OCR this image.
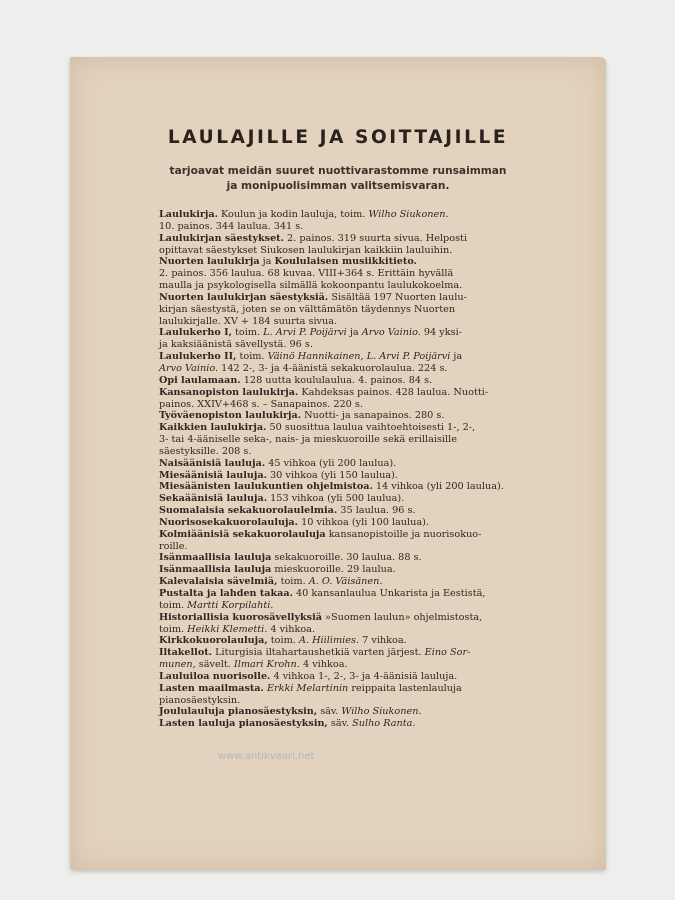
LAULAJILLE JA SOITTAJILLE
tarjoavat meidän suuret nuottivarastomme runsaimman
ja monipuolisimman valitsemisvaran.
Laulukirja. Koulun ja kodin lauluja, toim. Wilho Siukonen.
10. painos. 344 laulua. 341 s.
Laulukirjan säestykset. 2. painos. 319 suurta sivua. Helposti
opittavat säestykset Siukosen laulukirjan kaikkiin lauluihin.
Nuorten laulukirja ja Koululaisen musiikkitieto.
2. painos. 356 laulua. 68 kuvaa. VIII+364 s. Erittäin hyvällä
maulla ja psykologisella silmällä kokoonpantu laulukokoelma.
Nuorten laulukirjan säestyksiä. Sisältää 197 Nuorten laulu-
kirjan säestystä, joten se on välttämätön täydennys Nuorten
laulukirjalle. XV + 184 suurta sivua.
Laulukerho I, toim. L. Arvi P. Poijärvi ja Arvo Vainio. 94 yksi-
ja kaksiäänistä sävellystä. 96 s.
Laulukerho II, toim. Väinö Hannikainen, L. Arvi P. Poijärvi ja
Arvo Vainio. 142 2-, 3- ja 4-äänistä sekakuorolaulua. 224 s.
Opi laulamaan. 128 uutta koululaulua. 4. painos. 84 s.
Kansanopiston laulukirja. Kahdeksas painos. 428 laulua. Nuotti-
painos. XXIV+468 s. – Sanapainos. 220 s.
Työväenopiston laulukirja. Nuotti- ja sanapainos. 280 s.
Kaikkien laulukirja. 50 suosittua laulua vaihtoehtoisesti 1-, 2-,
3- tai 4-ääniselle seka-, nais- ja mieskuoroille sekä erillaisille
säestyksille. 208 s.
Naisäänisiä lauluja. 45 vihkoa (yli 200 laulua).
Miesäänisiä lauluja. 30 vihkoa (yli 150 laulua).
Miesäänisten laulukuntien ohjelmistoa. 14 vihkoa (yli 200 laulua).
Sekaäänisiä lauluja. 153 vihkoa (yli 500 laulua).
Suomalaisia sekakuorolaulelmia. 35 laulua. 96 s.
Nuorisosekakuorolauluja. 10 vihkoa (yli 100 laulua).
Kolmiäänisiä sekakuorolauluja kansanopistoille ja nuorisokuo-
roille.
Isänmaallisia lauluja sekakuoroille. 30 laulua. 88 s.
Isänmaallisia lauluja mieskuoroille. 29 laulua.
Kalevalaisia sävelmiä, toim. A. O. Väisänen.
Pustalta ja lahden takaa. 40 kansanlaulua Unkarista ja Eestistä,
toim. Martti Korpilahti.
Historiallisia kuorosävellyksiä »Suomen laulun» ohjelmistosta,
toim. Heikki Klemetti. 4 vihkoa.
Kirkkokuorolauluja, toim. A. Hiilimies. 7 vihkoa.
Iltakellot. Liturgisia iltahartaushetkiä varten järjest. Eino Sor-
munen, sävelt. Ilmari Krohn. 4 vihkoa.
Lauluiloa nuorisolle. 4 vihkoa 1-, 2-, 3- ja 4-äänisiä lauluja.
Lasten maailmasta. Erkki Melartinin reippaita lastenlauluja
pianosäestyksin.
Joululauluja pianosäestyksin, säv. Wilho Siukonen.
Lasten lauluja pianosäestyksin, säv. Sulho Ranta.
www.antikvaari.net
